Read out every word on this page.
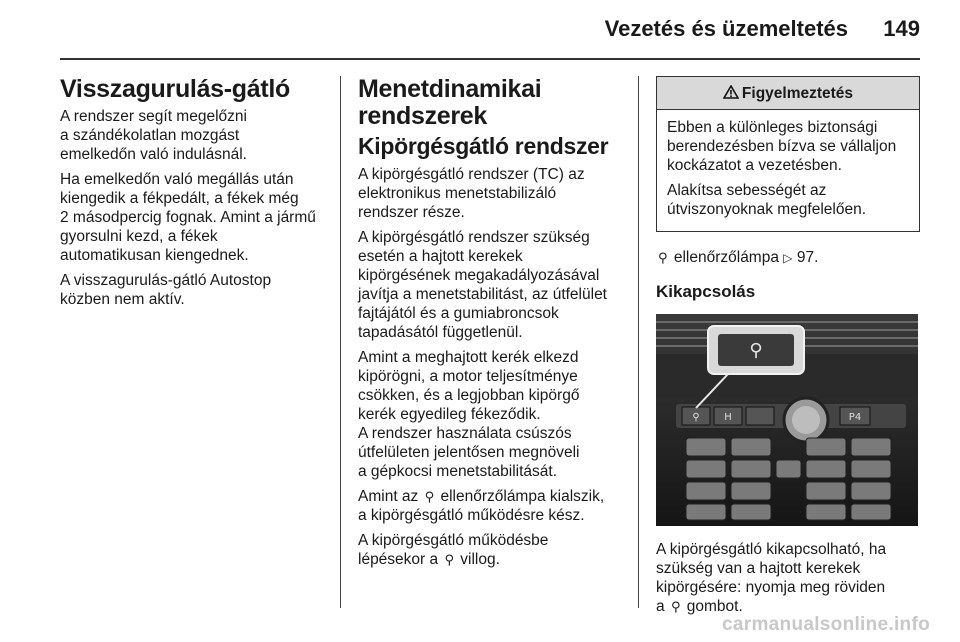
Vezetés és üzemeltetés 149
Visszagurulás-gátló

A rendszer segít megelőzni
a szándékolatlan mozgást
emelkedőn való indulásnál.

Ha emelkedőn való megállás után
kiengedik a fékpedált, a fékek még
2 másodpercig fognak. Amint a jármű
gyorsulni kezd, a fékek
automatikusan kiengednek.

A visszagurulás-gátló Autostop
közben nem aktív.

Menetdinamikai
rendszerek
Kipörgésgátló rendszer

A kipörgésgátló rendszer (TC) az
elektronikus menetstabilizáló
rendszer része.

A kipörgésgátló rendszer szükség
esetén a hajtott kerekek
kipörgésének megakadályozásával
javítja a menetstabilitást, az útfelület
fajtájától és a gumiabroncsok
tapadásától függetlenül.

Amint a meghajtott kerék elkezd
kipörögni, a motor teljesítménye
csökken, és a legjobban kipörgő
kerék egyedileg fékeződik.
A rendszer használata csúszós
útfelületen jelentősen megnöveli
a gépkocsi menetstabilitását.

Amint az ⚲ ellenőrzőlámpa kialszik,
a kipörgésgátló működésre kész.

A kipörgésgátló működésbe
lépésekor a ⚲ villog.

Figyelmeztetés

Ebben a különleges biztonsági
berendezésben bízva se vállaljon
kockázatot a vezetésben.

Alakítsa sebességét az
útviszonyoknak megfelelően.

⚲ ellenőrzőlámpa ▷ 97.

Kikapcsolás
⚲ H	P4
⚲

A kipörgésgátló kikapcsolható, ha
szükség van a hajtott kerekek
kipörgésére: nyomja meg röviden
a ⚲ gombot.

carmanualsonline.info
